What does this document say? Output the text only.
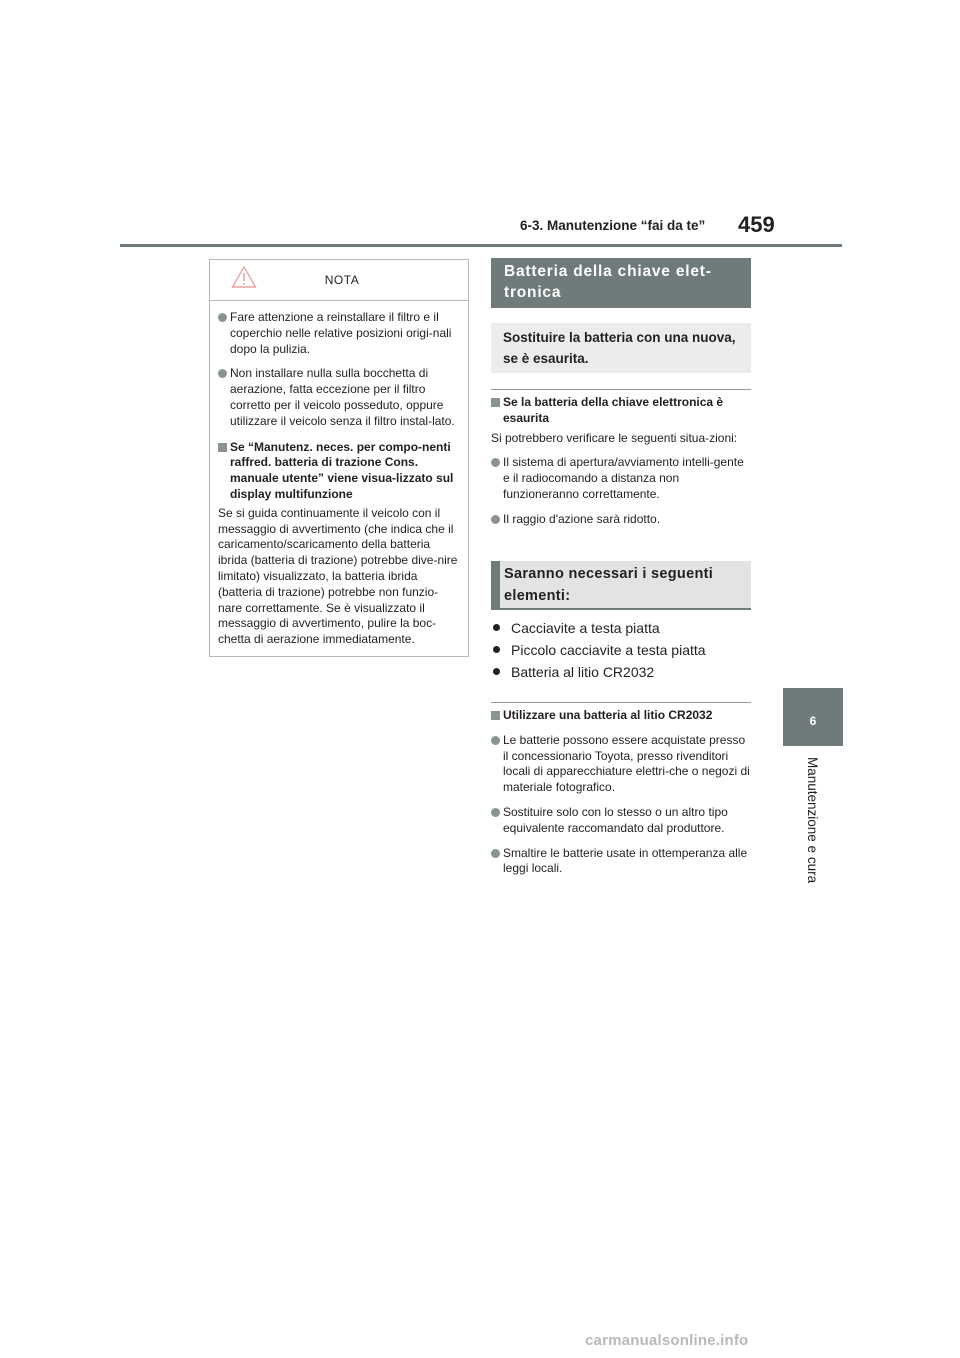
6-3. Manutenzione “fai da te” 459
6
Manutenzione e cura
NOTA
Fare attenzione a reinstallare il filtro e il coperchio nelle relative posizioni origi-nali dopo la pulizia.
Non installare nulla sulla bocchetta di aerazione, fatta eccezione per il filtro corretto per il veicolo posseduto, oppure utilizzare il veicolo senza il filtro instal-lato.
Se “Manutenz. neces. per compo-nenti raffred. batteria di trazione Cons. manuale utente” viene visua-lizzato sul display multifunzione
Se si guida continuamente il veicolo con il messaggio di avvertimento (che indica che il caricamento/scaricamento della batteria ibrida (batteria di trazione) potrebbe dive-nire limitato) visualizzato, la batteria ibrida (batteria di trazione) potrebbe non funzio-nare correttamente. Se è visualizzato il messaggio di avvertimento, pulire la boc-chetta di aerazione immediatamente.
Batteria della chiave elet-tronica
Sostituire la batteria con una nuova, se è esaurita.
Se la batteria della chiave elettronica è esaurita
Si potrebbero verificare le seguenti situa-zioni:
Il sistema di apertura/avviamento intelli-gente e il radiocomando a distanza non funzioneranno correttamente.
Il raggio d'azione sarà ridotto.
Saranno necessari i seguenti elementi:
Cacciavite a testa piatta
Piccolo cacciavite a testa piatta
Batteria al litio CR2032
Utilizzare una batteria al litio CR2032
Le batterie possono essere acquistate presso il concessionario Toyota, presso rivenditori locali di apparecchiature elettri-che o negozi di materiale fotografico.
Sostituire solo con lo stesso o un altro tipo equivalente raccomandato dal produttore.
Smaltire le batterie usate in ottemperanza alle leggi locali.
carmanualsonline.info
